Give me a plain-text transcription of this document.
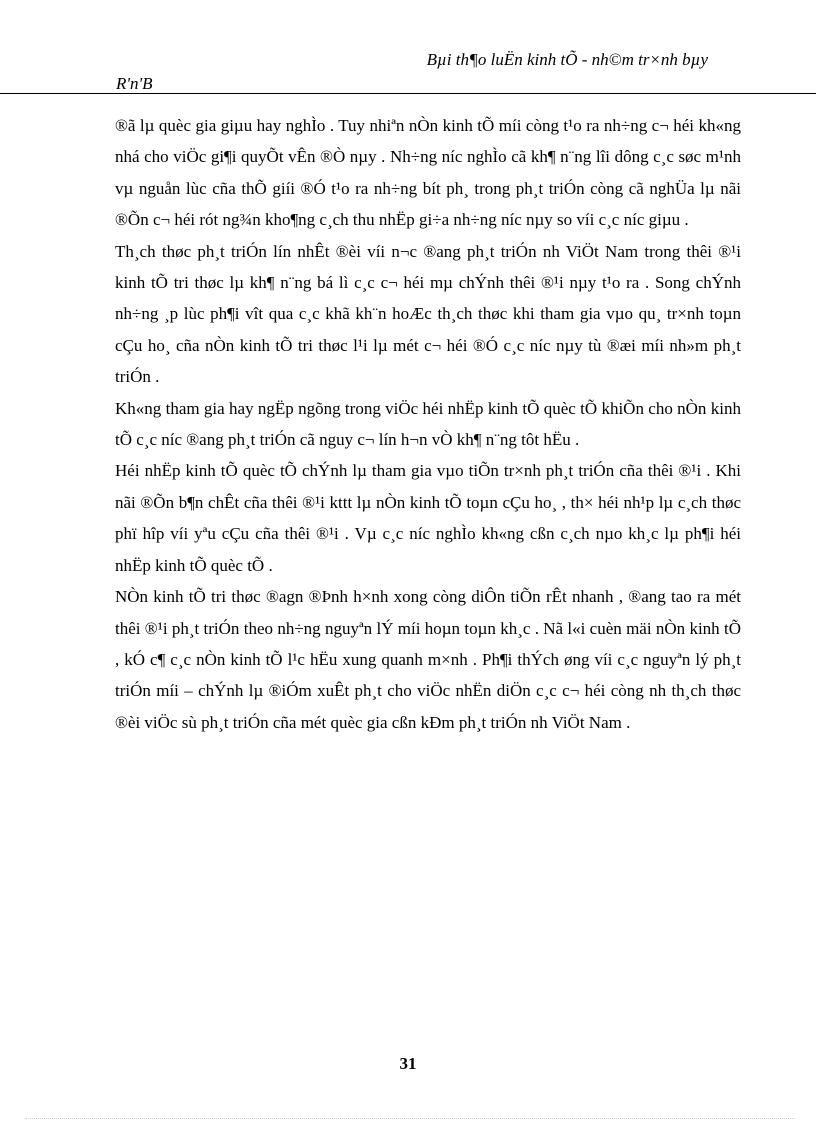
Bµi th¶o luËn kinh tÕ - nh©m tr×nh bµy
R'n'B

®ã lµ quèc gia giµu hay nghÌo . Tuy nhiªn nÒn kinh tÕ míi còng t¹o ra nh÷ng c¬ héi kh«ng nhá cho viÖc gi¶i quyÕt vÊn ®Ò nµy . Nh÷ng níc nghÌo cã kh¶ n¨ng lîi dông c¸c søc m¹nh vµ nguån lùc cña thÕ giíi ®Ó t¹o ra nh÷ng bít ph¸ trong ph¸t triÓn còng cã nghÜa lµ nãi ®Õn c¬ héi rót ng¾n kho¶ng c¸ch thu nhËp gi÷a nh÷ng níc nµy so víi c¸c níc giµu .

Th¸ch thøc ph¸t triÓn lín nhÊt ®èi víi n¬c ®ang ph¸t triÓn nh ViÖt Nam trong thêi ®¹i kinh tÕ tri thøc lµ kh¶ n¨ng bá lì c¸c c¬ héi mµ chÝnh thêi ®¹i nµy t¹o ra . Song chÝnh nh÷ng ¸p lùc ph¶i vît qua c¸c khã kh¨n hoÆc th¸ch thøc khi tham gia vµo qu¸ tr×nh toµn cÇu ho¸ cña nÒn kinh tÕ tri thøc l¹i lµ mét c¬ héi ®Ó c¸c níc nµy tù ®æi míi nh»m ph¸t triÓn .

Kh«ng tham gia hay ngËp ngõng trong viÖc héi nhËp kinh tÕ quèc tÕ khiÕn cho nÒn kinh tÕ c¸c níc ®ang ph¸t triÓn cã nguy c¬ lín h¬n vÒ kh¶ n¨ng tôt hËu .

Héi nhËp kinh tÕ quèc tÕ chÝnh lµ tham gia vµo tiÕn tr×nh ph¸t triÓn cña thêi ®¹i . Khi nãi ®Õn b¶n chÊt cña thêi ®¹i kttt lµ nÒn kinh tÕ toµn cÇu ho¸ , th× héi nh¹p lµ c¸ch thøc phï hîp víi yªu cÇu cña thêi ®¹i . Vµ c¸c níc nghÌo kh«ng cßn c¸ch nµo kh¸c lµ ph¶i héi nhËp kinh tÕ quèc tÕ .

NÒn kinh tÕ tri thøc ®agn ®Þnh h×nh xong còng diÔn tiÕn rÊt nhanh , ®ang tao ra mét thêi ®¹i ph¸t triÓn theo nh÷ng nguyªn lÝ míi hoµn toµn kh¸c . Nã l«i cuèn mäi nÒn kinh tÕ , kÓ c¶ c¸c nÒn kinh tÕ l¹c hËu xung quanh m×nh . Ph¶i thÝch øng víi c¸c nguyªn lý ph¸t triÓn míi – chÝnh lµ ®iÓm xuÊt ph¸t cho viÖc nhËn diÖn c¸c c¬ héi còng nh th¸ch thøc ®èi viÖc sù ph¸t triÓn cña mét quèc gia cßn kÐm ph¸t triÓn nh ViÖt Nam .

31
